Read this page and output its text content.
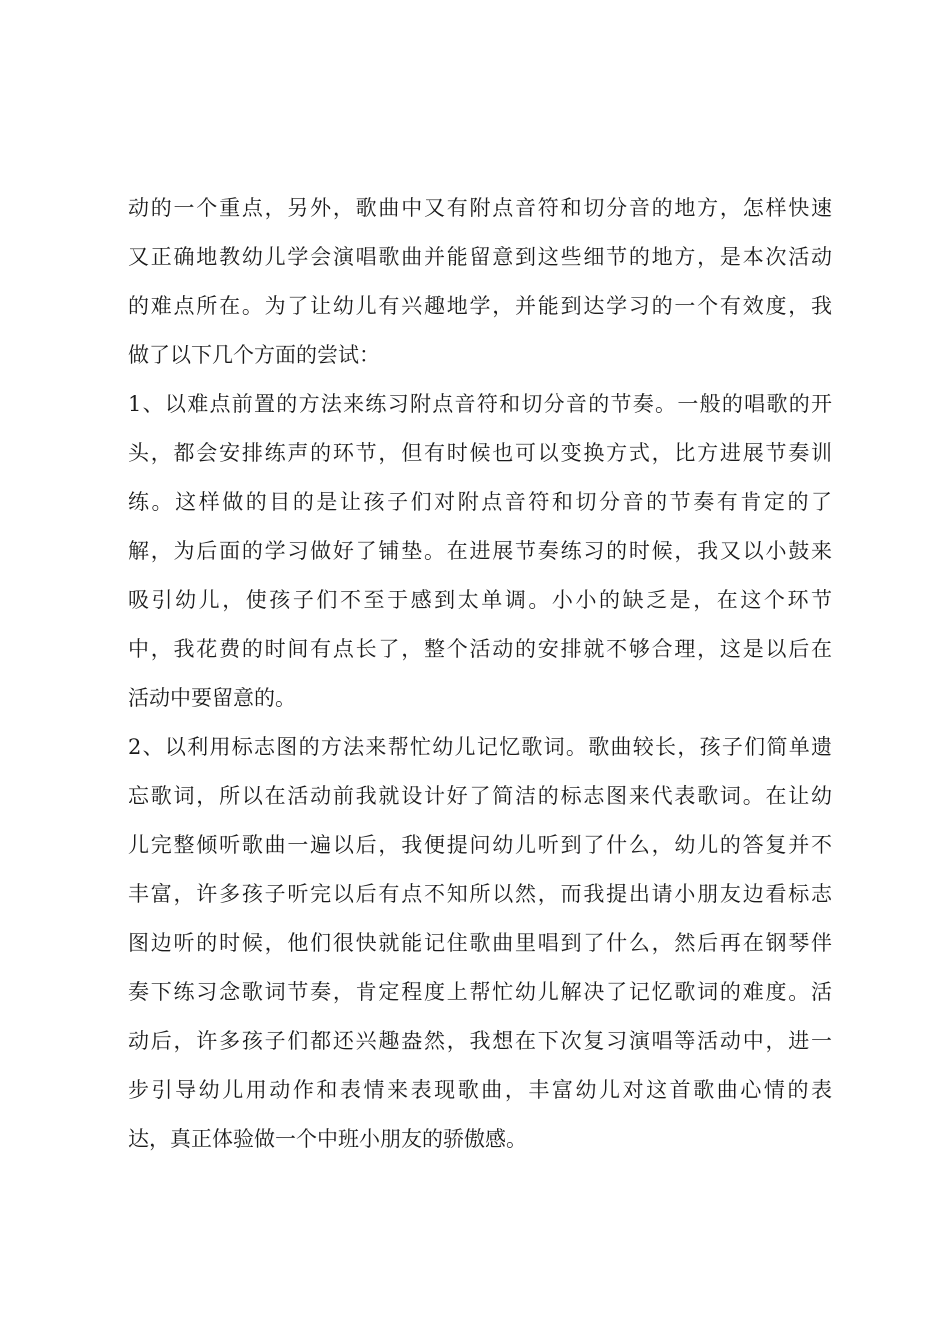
动的一个重点，另外，歌曲中又有附点音符和切分音的地方，怎样快速
又正确地教幼儿学会演唱歌曲并能留意到这些细节的地方，是本次活动
的难点所在。为了让幼儿有兴趣地学，并能到达学习的一个有效度，我
做了以下几个方面的尝试：
1、以难点前置的方法来练习附点音符和切分音的节奏。一般的唱歌的开
头，都会安排练声的环节，但有时候也可以变换方式，比方进展节奏训
练。这样做的目的是让孩子们对附点音符和切分音的节奏有肯定的了
解，为后面的学习做好了铺垫。在进展节奏练习的时候，我又以小鼓来
吸引幼儿，使孩子们不至于感到太单调。小小的缺乏是，在这个环节
中，我花费的时间有点长了，整个活动的安排就不够合理，这是以后在
活动中要留意的。
2、以利用标志图的方法来帮忙幼儿记忆歌词。歌曲较长，孩子们简单遗
忘歌词，所以在活动前我就设计好了简洁的标志图来代表歌词。在让幼
儿完整倾听歌曲一遍以后，我便提问幼儿听到了什么，幼儿的答复并不
丰富，许多孩子听完以后有点不知所以然，而我提出请小朋友边看标志
图边听的时候，他们很快就能记住歌曲里唱到了什么，然后再在钢琴伴
奏下练习念歌词节奏，肯定程度上帮忙幼儿解决了记忆歌词的难度。活
动后，许多孩子们都还兴趣盎然，我想在下次复习演唱等活动中，进一
步引导幼儿用动作和表情来表现歌曲，丰富幼儿对这首歌曲心情的表
达，真正体验做一个中班小朋友的骄傲感。
